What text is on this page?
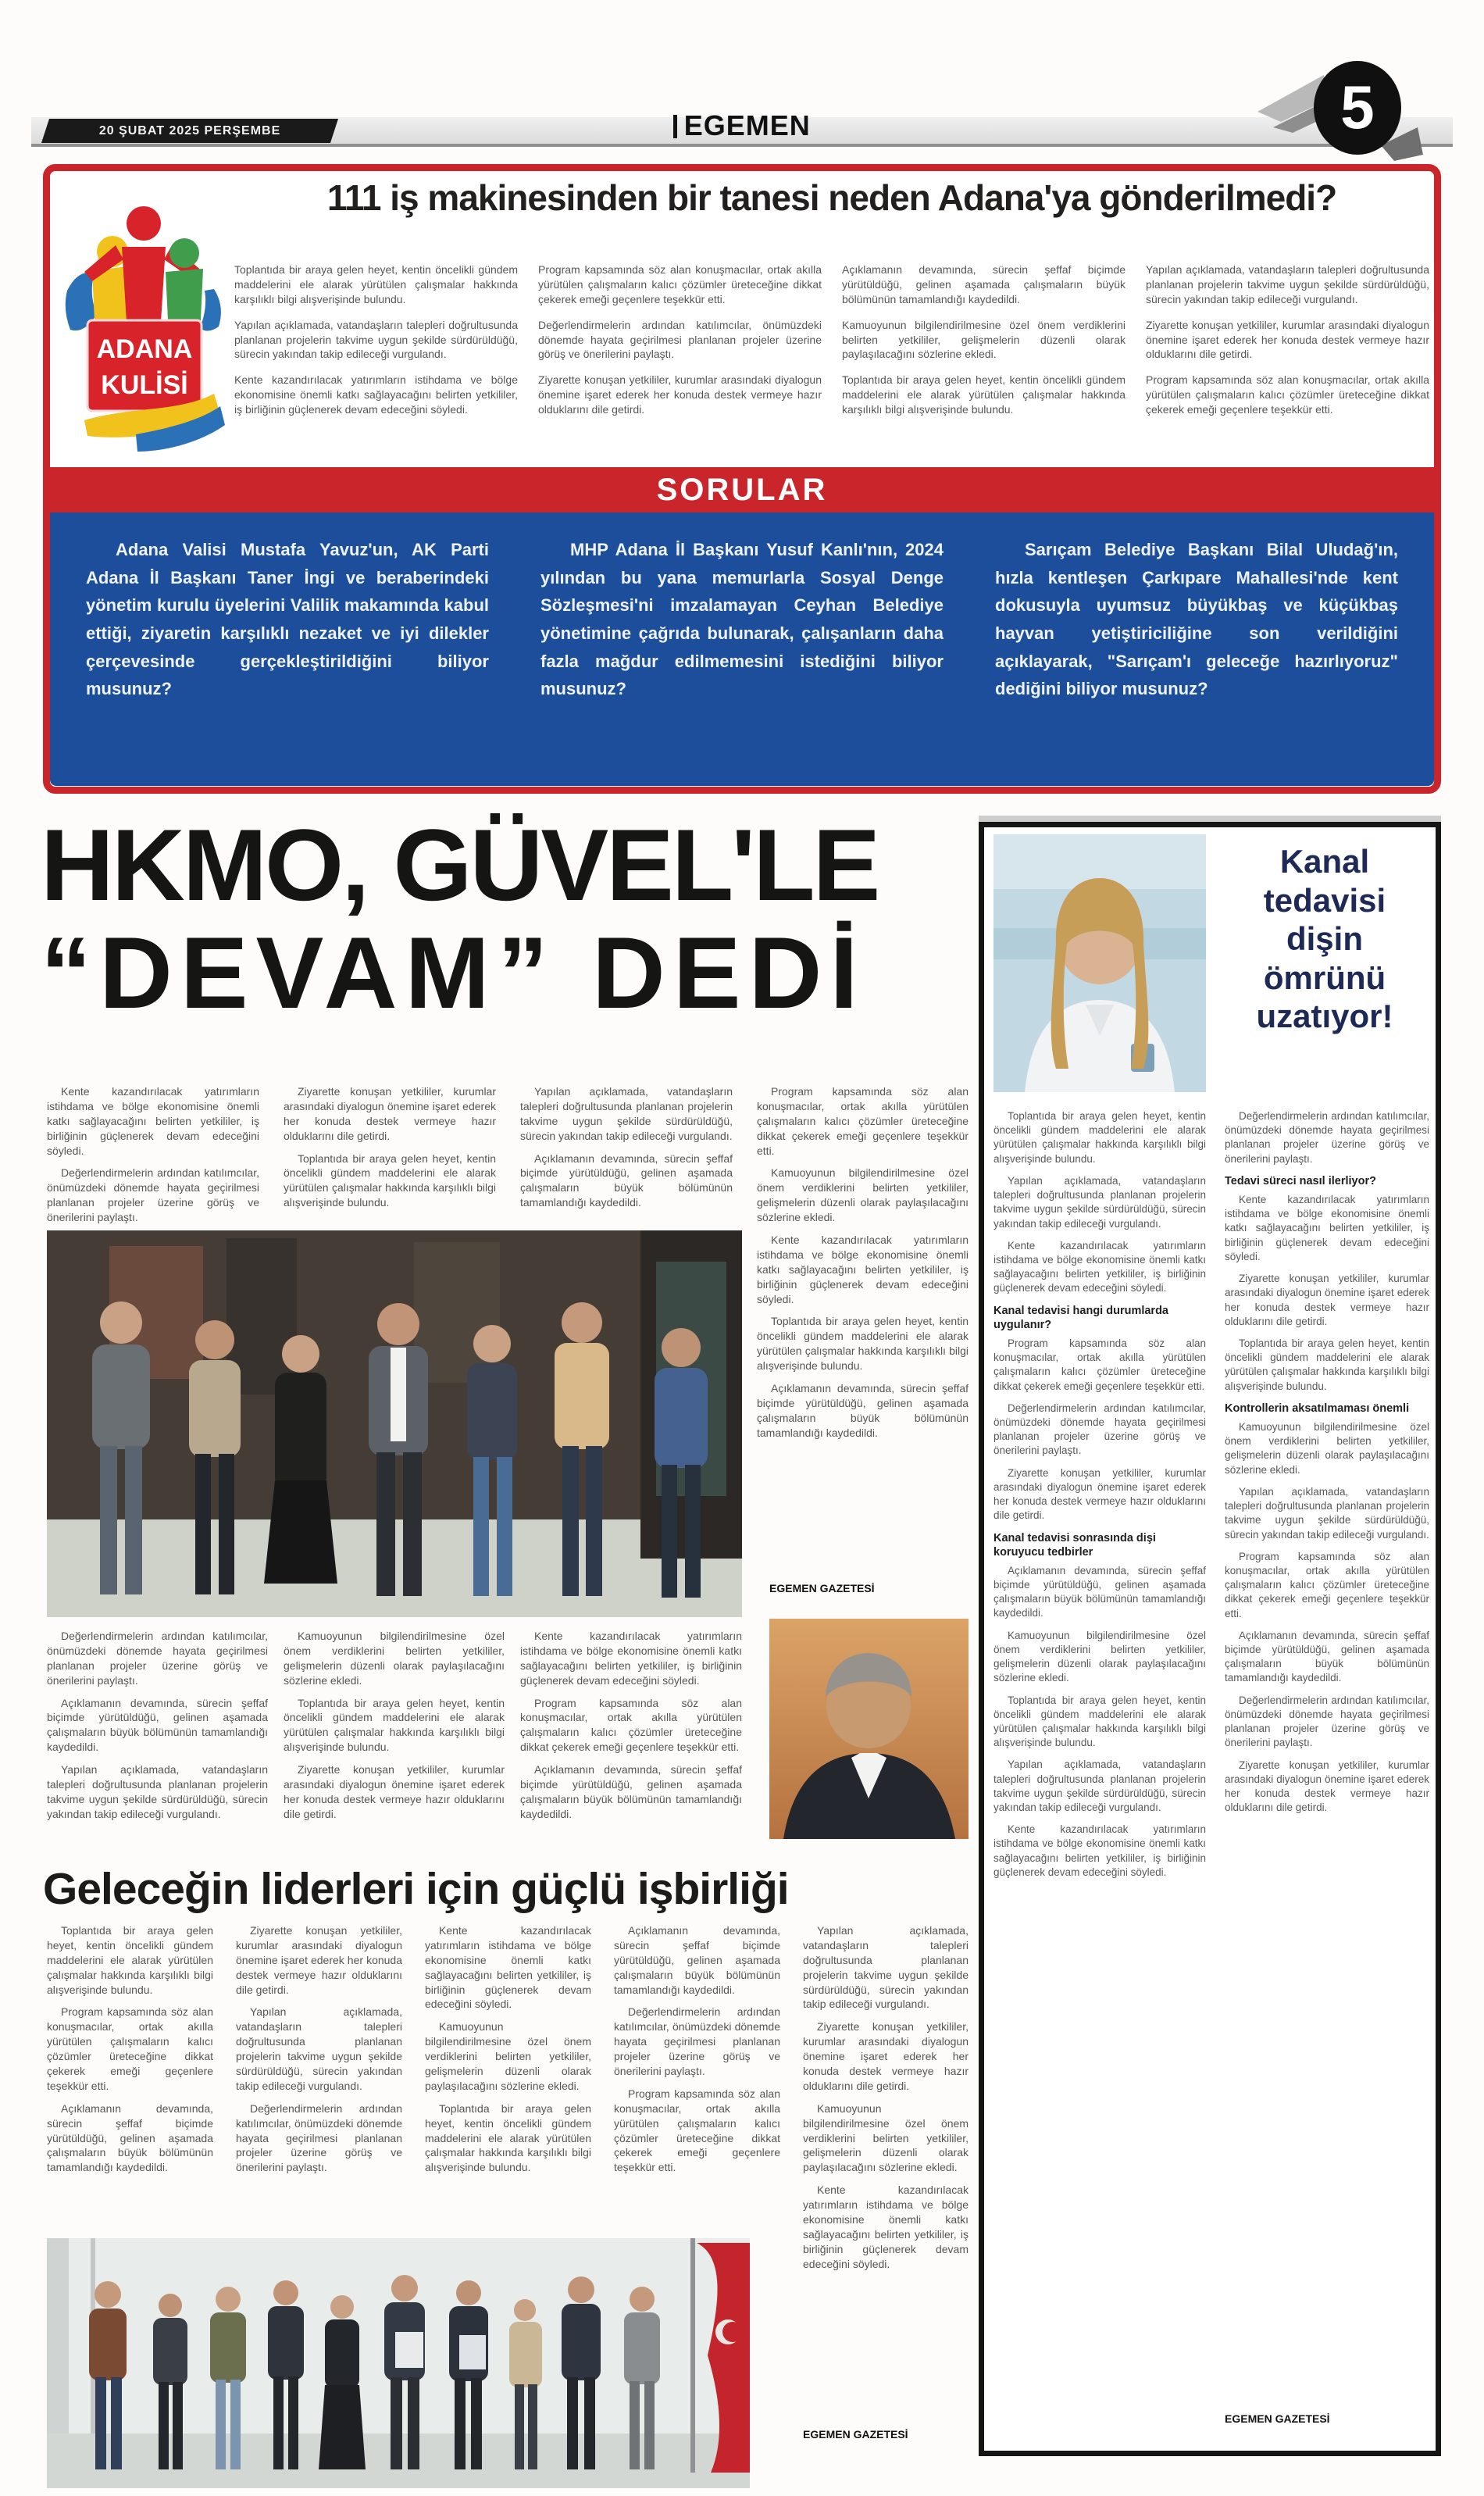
20 ŞUBAT 2025 PERŞEMBE	EGEMEN	5
111 iş makinesinden bir tanesi neden Adana'ya gönderilmedi?
ADANA
KULİSİ

Toplantıda bir araya gelen heyet, kentin öncelikli gündem maddelerini ele alarak yürütülen çalışmalar hakkında karşılıklı bilgi alışverişinde bulundu.

Yapılan açıklamada, vatandaşların talepleri doğrultusunda planlanan projelerin takvime uygun şekilde sürdürüldüğü, sürecin yakından takip edileceği vurgulandı.

Kente kazandırılacak yatırımların istihdama ve bölge ekonomisine önemli katkı sağlayacağını belirten yetkililer, iş birliğinin güçlenerek devam edeceğini söyledi.

Program kapsamında söz alan konuşmacılar, ortak akılla yürütülen çalışmaların kalıcı çözümler üreteceğine dikkat çekerek emeği geçenlere teşekkür etti.

Değerlendirmelerin ardından katılımcılar, önümüzdeki dönemde hayata geçirilmesi planlanan projeler üzerine görüş ve önerilerini paylaştı.

Ziyarette konuşan yetkililer, kurumlar arasındaki diyalogun önemine işaret ederek her konuda destek vermeye hazır olduklarını dile getirdi.

Açıklamanın devamında, sürecin şeffaf biçimde yürütüldüğü, gelinen aşamada çalışmaların büyük bölümünün tamamlandığı kaydedildi.

Kamuoyunun bilgilendirilmesine özel önem verdiklerini belirten yetkililer, gelişmelerin düzenli olarak paylaşılacağını sözlerine ekledi.

Toplantıda bir araya gelen heyet, kentin öncelikli gündem maddelerini ele alarak yürütülen çalışmalar hakkında karşılıklı bilgi alışverişinde bulundu.

Yapılan açıklamada, vatandaşların talepleri doğrultusunda planlanan projelerin takvime uygun şekilde sürdürüldüğü, sürecin yakından takip edileceği vurgulandı.

Ziyarette konuşan yetkililer, kurumlar arasındaki diyalogun önemine işaret ederek her konuda destek vermeye hazır olduklarını dile getirdi.

Program kapsamında söz alan konuşmacılar, ortak akılla yürütülen çalışmaların kalıcı çözümler üreteceğine dikkat çekerek emeği geçenlere teşekkür etti.

SORULAR
Adana Valisi Mustafa Yavuz'un, AK Parti Adana İl Başkanı Taner İngi ve beraberindeki yönetim kurulu üyelerini Valilik makamında kabul ettiği, ziyaretin karşılıklı nezaket ve iyi dilekler çerçevesinde gerçekleştirildiğini biliyor musunuz?
MHP Adana İl Başkanı Yusuf Kanlı'nın, 2024 yılından bu yana memurlarla Sosyal Denge Sözleşmesi'ni imzalamayan Ceyhan Belediye yönetimine çağrıda bulunarak, çalışanların daha fazla mağdur edilmemesini istediğini biliyor musunuz?
Sarıçam Belediye Başkanı Bilal Uludağ'ın, hızla kentleşen Çarkıpare Mahallesi'nde kent dokusuyla uyumsuz büyükbaş ve küçükbaş hayvan yetiştiriciliğine son verildiğini açıklayarak, "Sarıçam'ı geleceğe hazırlıyoruz" dediğini biliyor musunuz?
HKMO, GÜVEL'LE
“DEVAM” DEDİ

Kente kazandırılacak yatırımların istihdama ve bölge ekonomisine önemli katkı sağlayacağını belirten yetkililer, iş birliğinin güçlenerek devam edeceğini söyledi.

Değerlendirmelerin ardından katılımcılar, önümüzdeki dönemde hayata geçirilmesi planlanan projeler üzerine görüş ve önerilerini paylaştı.

Ziyarette konuşan yetkililer, kurumlar arasındaki diyalogun önemine işaret ederek her konuda destek vermeye hazır olduklarını dile getirdi.

Toplantıda bir araya gelen heyet, kentin öncelikli gündem maddelerini ele alarak yürütülen çalışmalar hakkında karşılıklı bilgi alışverişinde bulundu.

Yapılan açıklamada, vatandaşların talepleri doğrultusunda planlanan projelerin takvime uygun şekilde sürdürüldüğü, sürecin yakından takip edileceği vurgulandı.

Açıklamanın devamında, sürecin şeffaf biçimde yürütüldüğü, gelinen aşamada çalışmaların büyük bölümünün tamamlandığı kaydedildi.

Program kapsamında söz alan konuşmacılar, ortak akılla yürütülen çalışmaların kalıcı çözümler üreteceğine dikkat çekerek emeği geçenlere teşekkür etti.

Kamuoyunun bilgilendirilmesine özel önem verdiklerini belirten yetkililer, gelişmelerin düzenli olarak paylaşılacağını sözlerine ekledi.

Kente kazandırılacak yatırımların istihdama ve bölge ekonomisine önemli katkı sağlayacağını belirten yetkililer, iş birliğinin güçlenerek devam edeceğini söyledi.

Toplantıda bir araya gelen heyet, kentin öncelikli gündem maddelerini ele alarak yürütülen çalışmalar hakkında karşılıklı bilgi alışverişinde bulundu.

Açıklamanın devamında, sürecin şeffaf biçimde yürütüldüğü, gelinen aşamada çalışmaların büyük bölümünün tamamlandığı kaydedildi.

EGEMEN GAZETESİ

Değerlendirmelerin ardından katılımcılar, önümüzdeki dönemde hayata geçirilmesi planlanan projeler üzerine görüş ve önerilerini paylaştı.

Açıklamanın devamında, sürecin şeffaf biçimde yürütüldüğü, gelinen aşamada çalışmaların büyük bölümünün tamamlandığı kaydedildi.

Yapılan açıklamada, vatandaşların talepleri doğrultusunda planlanan projelerin takvime uygun şekilde sürdürüldüğü, sürecin yakından takip edileceği vurgulandı.

Kamuoyunun bilgilendirilmesine özel önem verdiklerini belirten yetkililer, gelişmelerin düzenli olarak paylaşılacağını sözlerine ekledi.

Toplantıda bir araya gelen heyet, kentin öncelikli gündem maddelerini ele alarak yürütülen çalışmalar hakkında karşılıklı bilgi alışverişinde bulundu.

Ziyarette konuşan yetkililer, kurumlar arasındaki diyalogun önemine işaret ederek her konuda destek vermeye hazır olduklarını dile getirdi.

Kente kazandırılacak yatırımların istihdama ve bölge ekonomisine önemli katkı sağlayacağını belirten yetkililer, iş birliğinin güçlenerek devam edeceğini söyledi.

Program kapsamında söz alan konuşmacılar, ortak akılla yürütülen çalışmaların kalıcı çözümler üreteceğine dikkat çekerek emeği geçenlere teşekkür etti.

Açıklamanın devamında, sürecin şeffaf biçimde yürütüldüğü, gelinen aşamada çalışmaların büyük bölümünün tamamlandığı kaydedildi.

Geleceğin liderleri için güçlü işbirliği

Toplantıda bir araya gelen heyet, kentin öncelikli gündem maddelerini ele alarak yürütülen çalışmalar hakkında karşılıklı bilgi alışverişinde bulundu.

Program kapsamında söz alan konuşmacılar, ortak akılla yürütülen çalışmaların kalıcı çözümler üreteceğine dikkat çekerek emeği geçenlere teşekkür etti.

Açıklamanın devamında, sürecin şeffaf biçimde yürütüldüğü, gelinen aşamada çalışmaların büyük bölümünün tamamlandığı kaydedildi.

Ziyarette konuşan yetkililer, kurumlar arasındaki diyalogun önemine işaret ederek her konuda destek vermeye hazır olduklarını dile getirdi.

Yapılan açıklamada, vatandaşların talepleri doğrultusunda planlanan projelerin takvime uygun şekilde sürdürüldüğü, sürecin yakından takip edileceği vurgulandı.

Değerlendirmelerin ardından katılımcılar, önümüzdeki dönemde hayata geçirilmesi planlanan projeler üzerine görüş ve önerilerini paylaştı.

Kente kazandırılacak yatırımların istihdama ve bölge ekonomisine önemli katkı sağlayacağını belirten yetkililer, iş birliğinin güçlenerek devam edeceğini söyledi.

Kamuoyunun bilgilendirilmesine özel önem verdiklerini belirten yetkililer, gelişmelerin düzenli olarak paylaşılacağını sözlerine ekledi.

Toplantıda bir araya gelen heyet, kentin öncelikli gündem maddelerini ele alarak yürütülen çalışmalar hakkında karşılıklı bilgi alışverişinde bulundu.

Açıklamanın devamında, sürecin şeffaf biçimde yürütüldüğü, gelinen aşamada çalışmaların büyük bölümünün tamamlandığı kaydedildi.

Değerlendirmelerin ardından katılımcılar, önümüzdeki dönemde hayata geçirilmesi planlanan projeler üzerine görüş ve önerilerini paylaştı.

Program kapsamında söz alan konuşmacılar, ortak akılla yürütülen çalışmaların kalıcı çözümler üreteceğine dikkat çekerek emeği geçenlere teşekkür etti.

Yapılan açıklamada, vatandaşların talepleri doğrultusunda planlanan projelerin takvime uygun şekilde sürdürüldüğü, sürecin yakından takip edileceği vurgulandı.

Ziyarette konuşan yetkililer, kurumlar arasındaki diyalogun önemine işaret ederek her konuda destek vermeye hazır olduklarını dile getirdi.

Kamuoyunun bilgilendirilmesine özel önem verdiklerini belirten yetkililer, gelişmelerin düzenli olarak paylaşılacağını sözlerine ekledi.

Kente kazandırılacak yatırımların istihdama ve bölge ekonomisine önemli katkı sağlayacağını belirten yetkililer, iş birliğinin güçlenerek devam edeceğini söyledi.

EGEMEN GAZETESİ
Kanal tedavisi dişin ömrünü uzatıyor!

Toplantıda bir araya gelen heyet, kentin öncelikli gündem maddelerini ele alarak yürütülen çalışmalar hakkında karşılıklı bilgi alışverişinde bulundu.

Yapılan açıklamada, vatandaşların talepleri doğrultusunda planlanan projelerin takvime uygun şekilde sürdürüldüğü, sürecin yakından takip edileceği vurgulandı.

Kente kazandırılacak yatırımların istihdama ve bölge ekonomisine önemli katkı sağlayacağını belirten yetkililer, iş birliğinin güçlenerek devam edeceğini söyledi.

Kanal tedavisi hangi durumlarda uygulanır?

Program kapsamında söz alan konuşmacılar, ortak akılla yürütülen çalışmaların kalıcı çözümler üreteceğine dikkat çekerek emeği geçenlere teşekkür etti.

Değerlendirmelerin ardından katılımcılar, önümüzdeki dönemde hayata geçirilmesi planlanan projeler üzerine görüş ve önerilerini paylaştı.

Ziyarette konuşan yetkililer, kurumlar arasındaki diyalogun önemine işaret ederek her konuda destek vermeye hazır olduklarını dile getirdi.

Kanal tedavisi sonrasında dişi koruyucu tedbirler

Açıklamanın devamında, sürecin şeffaf biçimde yürütüldüğü, gelinen aşamada çalışmaların büyük bölümünün tamamlandığı kaydedildi.

Kamuoyunun bilgilendirilmesine özel önem verdiklerini belirten yetkililer, gelişmelerin düzenli olarak paylaşılacağını sözlerine ekledi.

Toplantıda bir araya gelen heyet, kentin öncelikli gündem maddelerini ele alarak yürütülen çalışmalar hakkında karşılıklı bilgi alışverişinde bulundu.

Yapılan açıklamada, vatandaşların talepleri doğrultusunda planlanan projelerin takvime uygun şekilde sürdürüldüğü, sürecin yakından takip edileceği vurgulandı.

Kente kazandırılacak yatırımların istihdama ve bölge ekonomisine önemli katkı sağlayacağını belirten yetkililer, iş birliğinin güçlenerek devam edeceğini söyledi.

Değerlendirmelerin ardından katılımcılar, önümüzdeki dönemde hayata geçirilmesi planlanan projeler üzerine görüş ve önerilerini paylaştı.

Tedavi süreci nasıl ilerliyor?

Kente kazandırılacak yatırımların istihdama ve bölge ekonomisine önemli katkı sağlayacağını belirten yetkililer, iş birliğinin güçlenerek devam edeceğini söyledi.

Ziyarette konuşan yetkililer, kurumlar arasındaki diyalogun önemine işaret ederek her konuda destek vermeye hazır olduklarını dile getirdi.

Toplantıda bir araya gelen heyet, kentin öncelikli gündem maddelerini ele alarak yürütülen çalışmalar hakkında karşılıklı bilgi alışverişinde bulundu.

Kontrollerin aksatılmaması önemli

Kamuoyunun bilgilendirilmesine özel önem verdiklerini belirten yetkililer, gelişmelerin düzenli olarak paylaşılacağını sözlerine ekledi.

Yapılan açıklamada, vatandaşların talepleri doğrultusunda planlanan projelerin takvime uygun şekilde sürdürüldüğü, sürecin yakından takip edileceği vurgulandı.

Program kapsamında söz alan konuşmacılar, ortak akılla yürütülen çalışmaların kalıcı çözümler üreteceğine dikkat çekerek emeği geçenlere teşekkür etti.

Açıklamanın devamında, sürecin şeffaf biçimde yürütüldüğü, gelinen aşamada çalışmaların büyük bölümünün tamamlandığı kaydedildi.

Değerlendirmelerin ardından katılımcılar, önümüzdeki dönemde hayata geçirilmesi planlanan projeler üzerine görüş ve önerilerini paylaştı.

Ziyarette konuşan yetkililer, kurumlar arasındaki diyalogun önemine işaret ederek her konuda destek vermeye hazır olduklarını dile getirdi.

EGEMEN GAZETESİ
